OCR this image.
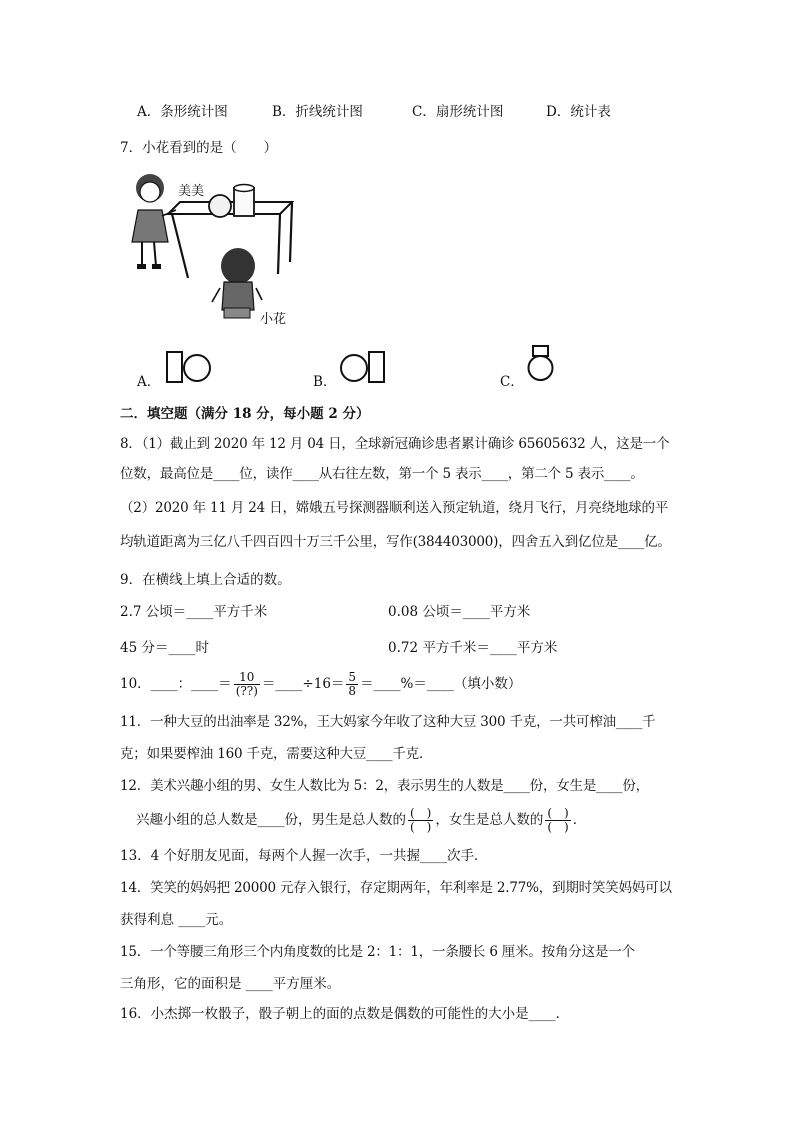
A．条形统计图	B．折线统计图	C．扇形统计图	D．统计表
7．小花看到的是（　　）
美美
小花
A．	B．	C．
二．填空题（满分 18 分，每小题 2 分）
8．（1）截止到 2020 年 12 月 04 日，全球新冠确诊患者累计确诊 65605632 人，这是一个
位数，最高位是____位，读作____从右往左数，第一个 5 表示____，第二个 5 表示____。
（2）2020 年 11 月 24 日，嫦娥五号探测器顺利送入预定轨道，绕月飞行，月亮绕地球的平
均轨道距离为三亿八千四百四十万三千公里，写作(384403000)，四舍五入到亿位是____亿。
9．在横线上填上合适的数。
2.7 公顷＝____平方千米	0.08 公顷＝____平方米
45 分＝____时	0.72 平方千米＝____平方米
10．____：____＝ $\frac{10}{(??)}$ ＝____÷16＝ $\frac{5}{8}$ ＝____%＝____（填小数）
11．一种大豆的出油率是 32%，王大妈家今年收了这种大豆 300 千克，一共可榨油____千
克；如果要榨油 160 千克，需要这种大豆____千克．
12．美术兴趣小组的男、女生人数比为 5：2，表示男生的人数是____份，女生是____份，
兴趣小组的总人数是____份，男生是总人数的 $\frac{( )}{( )}$ ，女生是总人数的 $\frac{( )}{( )}$ ．
13．4 个好朋友见面，每两个人握一次手，一共握____次手．
14．笑笑的妈妈把 20000 元存入银行，存定期两年，年利率是 2.77%，到期时笑笑妈妈可以
获得利息 ____元。
15．一个等腰三角形三个内角度数的比是 2：1：1，一条腰长 6 厘米。按角分这是一个
三角形，它的面积是 ____平方厘米。
16．小杰掷一枚骰子，骰子朝上的面的点数是偶数的可能性的大小是____．
